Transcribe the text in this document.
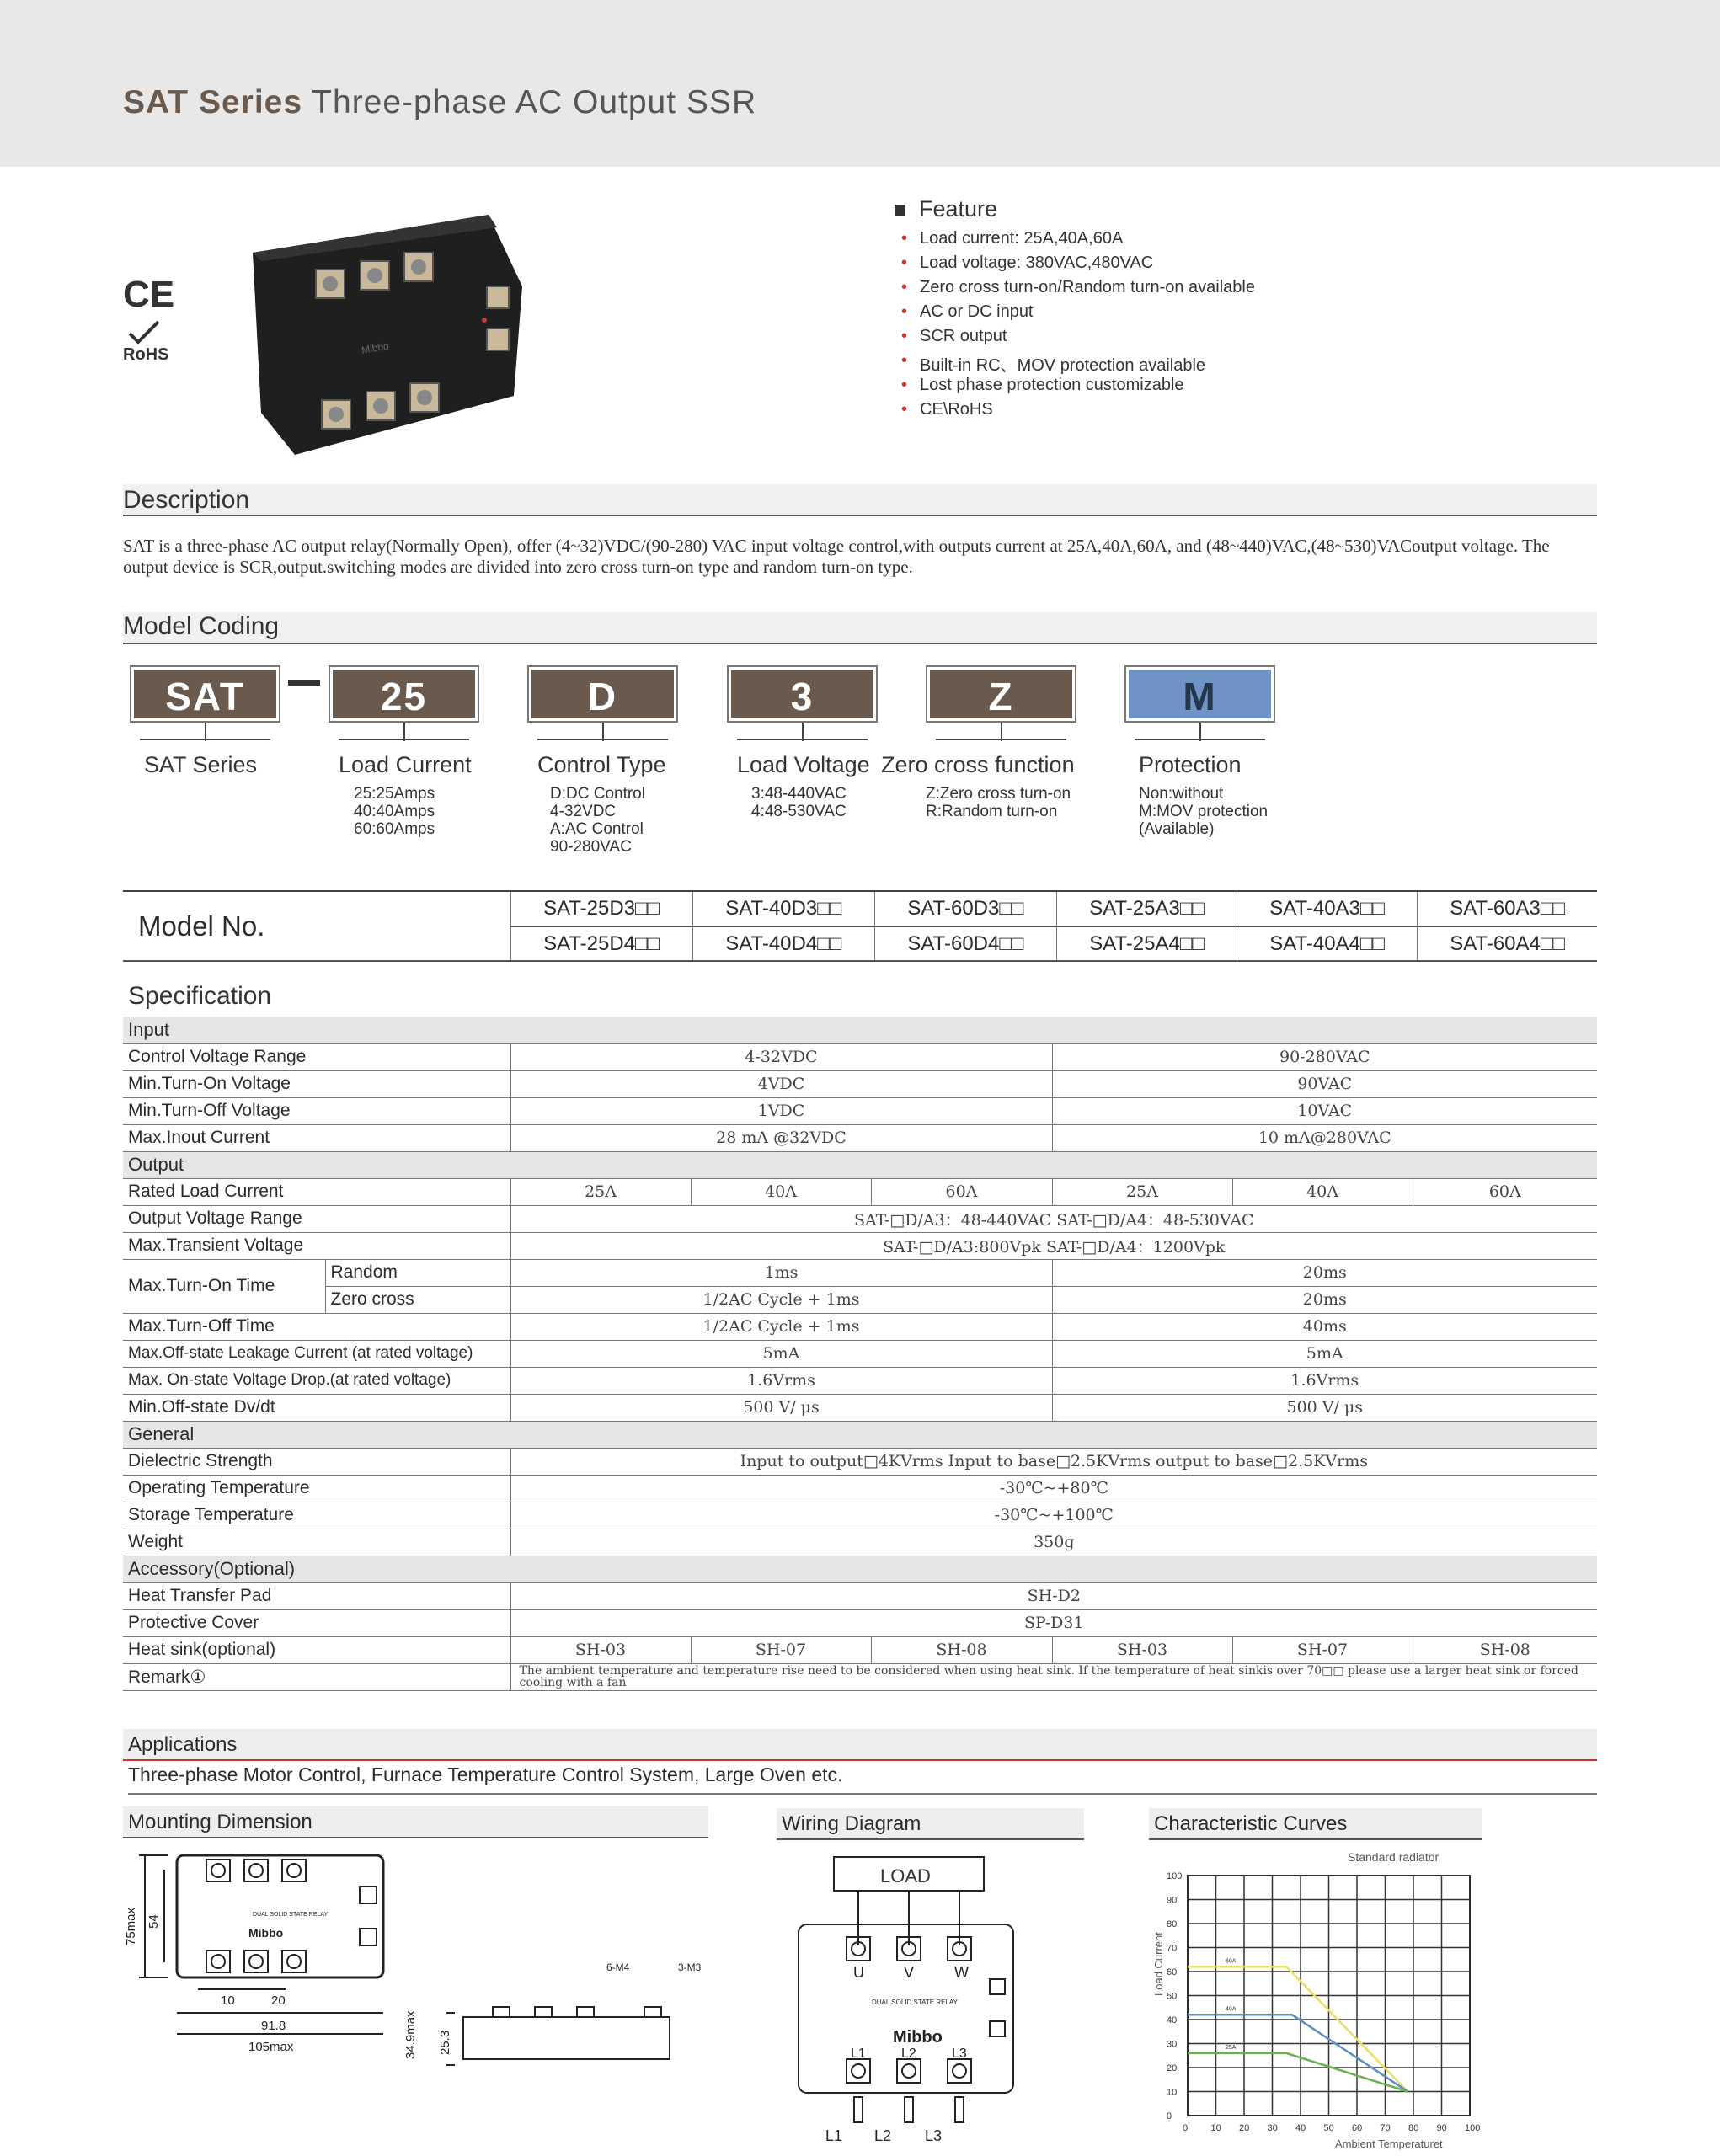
SAT Series Three-phase AC Output SSR
CE
RoHS	Mibbo
Feature
• Load current: 25A,40A,60A
• Load voltage: 380VAC,480VAC
• Zero cross turn-on/Random turn-on available
• AC or DC input
• SCR output
• Built-in RC、MOV protection available
• Lost phase protection customizable
• CE\RoHS
Description
SAT is a three-phase AC output relay(Normally Open), offer (4~32)VDC/(90-280) VAC input voltage control,with outputs current at 25A,40A,60A, and (48~440)VAC,(48~530)VACoutput voltage. The output device is SCR,output.switching modes are divided into zero cross turn-on type and random turn-on type.
Model Coding
SAT
SAT Series
25
Load Current
25:25Amps
40:40Amps
60:60Amps
D
Control Type
D:DC Control
4-32VDC
A:AC Control
90-280VAC
3
Load Voltage
3:48-440VAC
4:48-530VAC
Z
Zero cross function
Z:Zero cross turn-on
R:Random turn-on
M
Protection
Non:without
M:MOV protection
(Available)
Model No.	SAT-25D3□□	SAT-40D3□□	SAT-60D3□□	SAT-25A3□□	SAT-40A3□□	SAT-60A3□□
	SAT-25D4□□	SAT-40D4□□	SAT-60D4□□	SAT-25A4□□	SAT-40A4□□	SAT-60A4□□
Specification
Input							
Control Voltage Range		4-32VDC			90-280VAC		
Min.Turn-On Voltage		4VDC			90VAC		
Min.Turn-Off Voltage		1VDC			10VAC		
Max.Inout Current		28 mA @32VDC			10 mA@280VAC		
Output							
Rated Load Current		25A	40A	60A	25A	40A	60A
Output Voltage Range		SAT-□D/A3：48-440VAC SAT-□D/A4：48-530VAC					
Max.Transient Voltage		SAT-□D/A3:800Vpk SAT-□D/A4：1200Vpk					
Max.Turn-On Time	Random	1ms			20ms		
	Zero cross	1/2AC Cycle + 1ms			20ms		
Max.Turn-Off Time		1/2AC Cycle + 1ms			40ms		
Max.Off-state Leakage Current (at rated voltage)		5mA			5mA		
Max. On-state Voltage Drop.(at rated voltage)		1.6Vrms			1.6Vrms		
Min.Off-state Dv/dt		500 V/ μs			500 V/ μs		
General							
Dielectric Strength		Input to output□4KVrms Input to base□2.5KVrms output to base□2.5KVrms					
Operating Temperature		-30℃~+80℃					
Storage Temperature		-30℃~+100℃					
Weight		350g					
Accessory(Optional)							
Heat Transfer Pad		SH-D2					
Protective Cover		SP-D31					
Heat sink(optional)		SH-03	SH-07	SH-08	SH-03	SH-07	SH-08
Remark①		The ambient temperature and temperature rise need to be considered when using heat sink. If the temperature of heat sinkis over 70□□ please use a larger heat sink or forced cooling with a fan					
Applications
Three-phase Motor Control, Furnace Temperature Control System, Large Oven etc.
Mounting Dimension	Wiring Diagram	Characteristic Curves
DUAL SOLID STATE RELAY
Mibbo
75max 54
10	20
91.8
105max	34.9max 25.3
6-M4	3-M3
LOAD
U	V	W
L1	L2	L3
L1 L2 L3
DUAL SOLID STATE RELAY
Mibbo
0 10 20 30 40 50 60 70 80 90 100
0
10
20
30
40
50
60
70
80
90
100
60A
40A
25A
Standard radiator
Ambient Temperaturet
Load Current
